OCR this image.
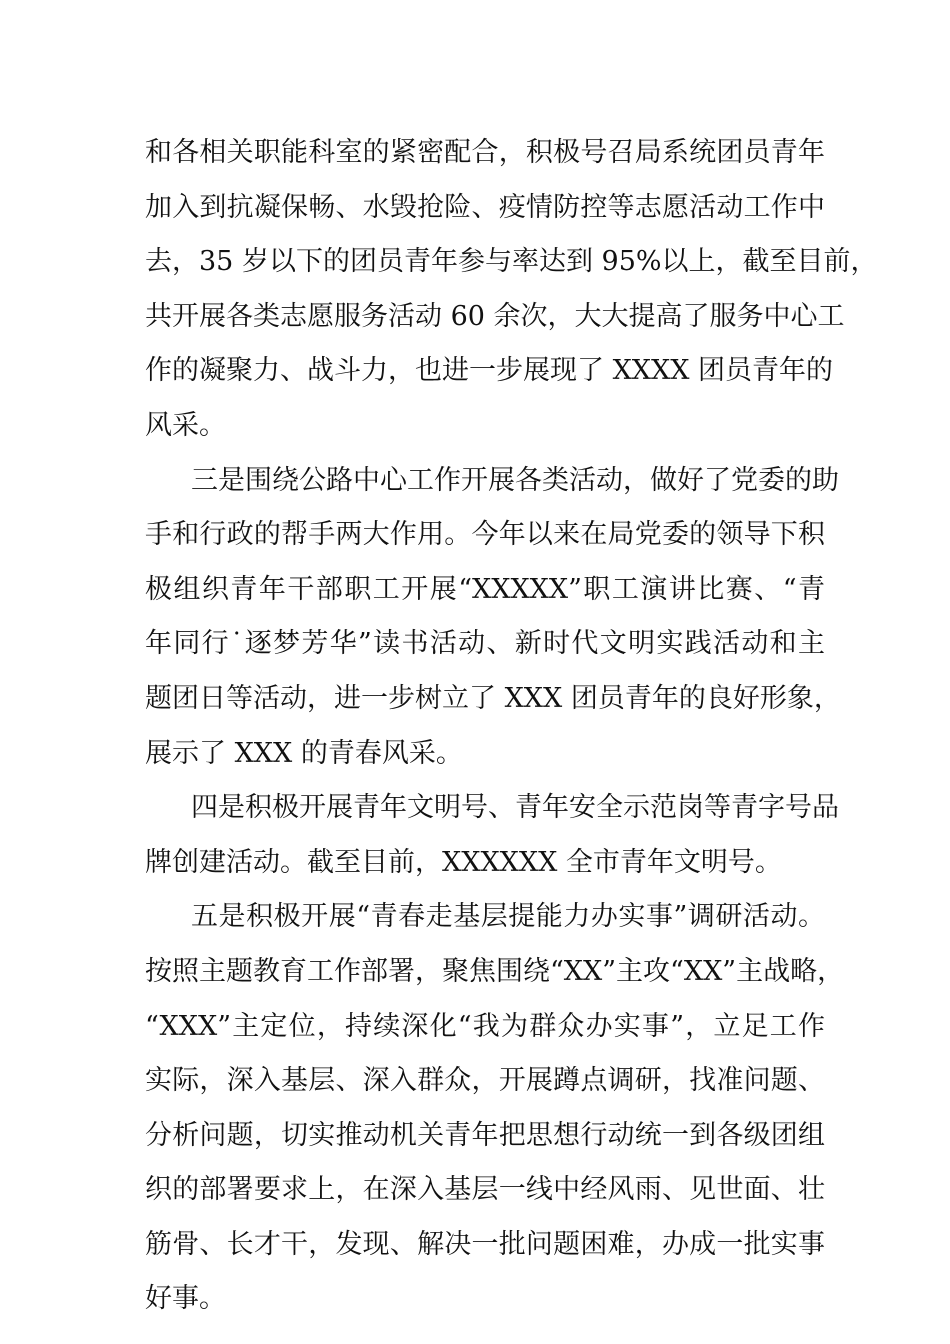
和各相关职能科室的紧密配合，积极号召局系统团员青年
加入到抗凝保畅、水毁抢险、疫情防控等志愿活动工作中
去，35 岁以下的团员青年参与率达到 95%以上，截至目前，
共开展各类志愿服务活动 60 余次，大大提高了服务中心工
作的凝聚力、战斗力，也进一步展现了 XXXX 团员青年的
风采。
三是围绕公路中心工作开展各类活动，做好了党委的助
手和行政的帮手两大作用。今年以来在局党委的领导下积
极组织青年干部职工开展“XXXXX”职工演讲比赛、“青
年同行˙逐梦芳华”读书活动、新时代文明实践活动和主
题团日等活动，进一步树立了 XXX 团员青年的良好形象，
展示了 XXX 的青春风采。
四是积极开展青年文明号、青年安全示范岗等青字号品
牌创建活动。截至目前，XXXXXX 全市青年文明号。
五是积极开展“青春走基层提能力办实事”调研活动。
按照主题教育工作部署，聚焦围绕“XX”主攻“XX”主战略，
“XXX”主定位，持续深化“我为群众办实事”，立足工作
实际，深入基层、深入群众，开展蹲点调研，找准问题、
分析问题，切实推动机关青年把思想行动统一到各级团组
织的部署要求上，在深入基层一线中经风雨、见世面、壮
筋骨、长才干，发现、解决一批问题困难，办成一批实事
好事。
